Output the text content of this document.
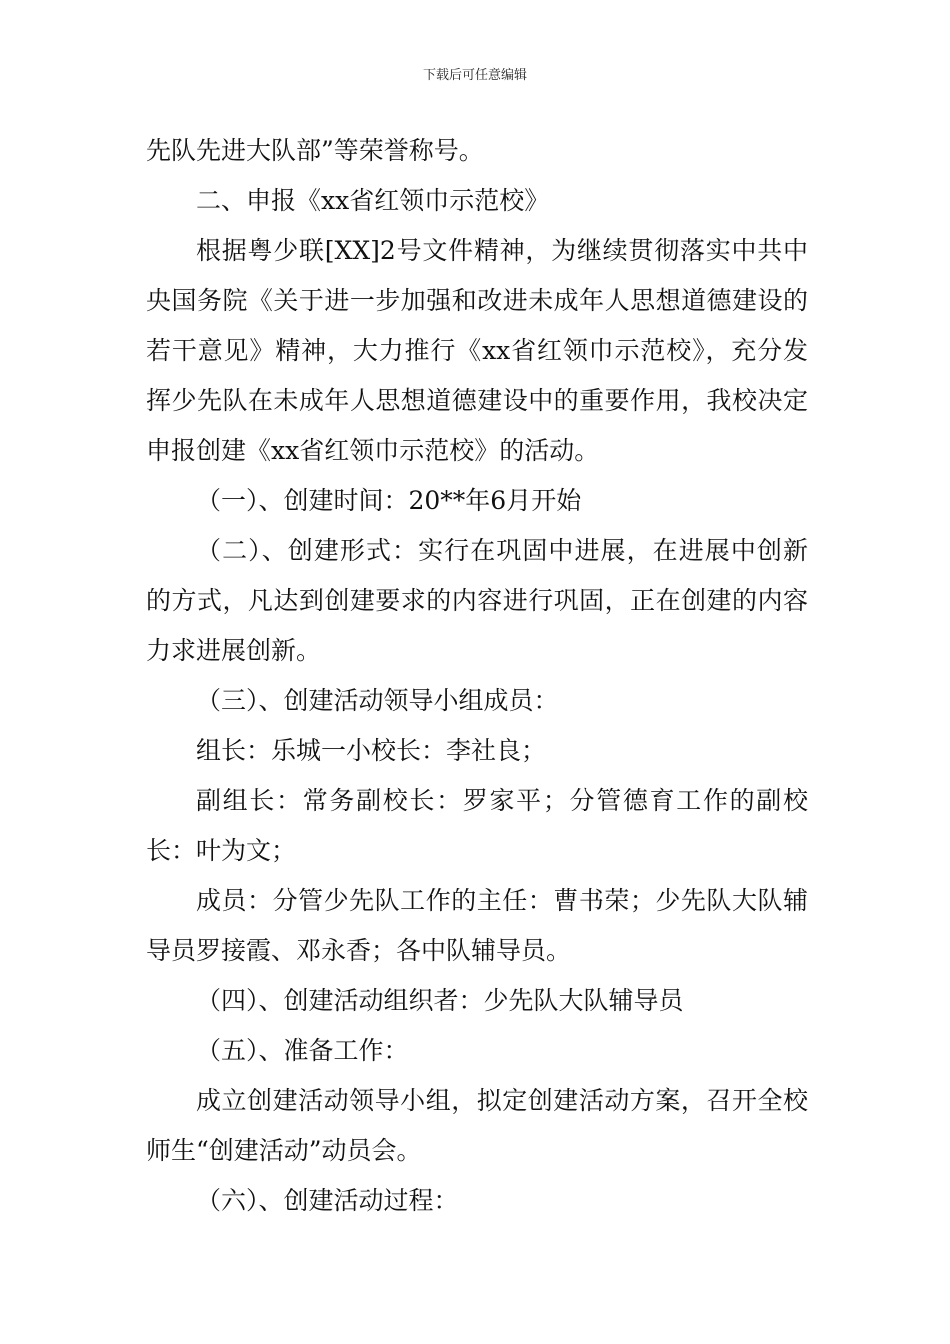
下载后可任意编辑

先队先进大队部”等荣誉称号。

二、申报《xx省红领巾示范校》

根据粤少联[XX]2号文件精神，为继续贯彻落实中共中央国务院《关于进一步加强和改进未成年人思想道德建设的若干意见》精神，大力推行《xx省红领巾示范校》，充分发挥少先队在未成年人思想道德建设中的重要作用，我校决定申报创建《xx省红领巾示范校》的活动。

（一）、创建时间：20**年6月开始

（二）、创建形式：实行在巩固中进展，在进展中创新的方式，凡达到创建要求的内容进行巩固，正在创建的内容力求进展创新。

（三）、创建活动领导小组成员：

组长：乐城一小校长：李社良；

副组长：常务副校长：罗家平；分管德育工作的副校长：叶为文；

成员：分管少先队工作的主任：曹书荣；少先队大队辅导员罗接霞、邓永香；各中队辅导员。

（四）、创建活动组织者：少先队大队辅导员

（五）、准备工作：

成立创建活动领导小组，拟定创建活动方案，召开全校师生“创建活动”动员会。

（六）、创建活动过程：
